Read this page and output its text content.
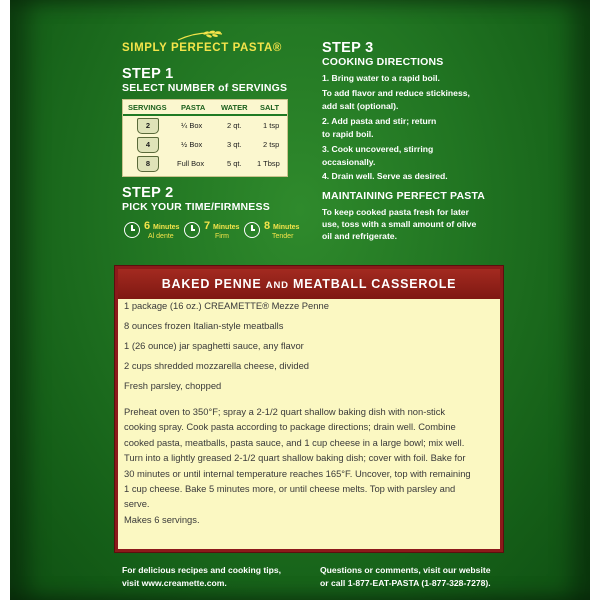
SIMPLY PERFECT PASTA®
STEP 1
SELECT NUMBER of SERVINGS
SERVINGS PASTA WATER SALT
2	¼ Box	2 qt.	1 tsp
4	½ Box	3 qt.	2 tsp
8	Full Box	5 qt. 1 Tbsp
STEP 2
PICK YOUR TIME/FIRMNESS
6 Minutes
Al dente
7 Minutes
Firm
8 Minutes
Tender
STEP 3
COOKING DIRECTIONS
1. Bring water to a rapid boil.
To add flavor and reduce stickiness,
add salt (optional).
2. Add pasta and stir; return
to rapid boil.
3. Cook uncovered, stirring
occasionally.
4. Drain well. Serve as desired.
MAINTAINING PERFECT PASTA
To keep cooked pasta fresh for later
use, toss with a small amount of olive
oil and refrigerate.
BAKED PENNE AND MEATBALL CASSEROLE
1 package (16 oz.) CREAMETTE® Mezze Penne
8 ounces frozen Italian-style meatballs
1 (26 ounce) jar spaghetti sauce, any flavor
2 cups shredded mozzarella cheese, divided
Fresh parsley, chopped
Preheat oven to 350°F; spray a 2-1/2 quart shallow baking dish with non-stick cooking spray. Cook pasta according to package directions; drain well. Combine cooked pasta, meatballs, pasta sauce, and 1 cup cheese in a large bowl; mix well. Turn into a lightly greased 2-1/2 quart shallow baking dish; cover with foil. Bake for 30 minutes or until internal temperature reaches 165°F. Uncover, top with remaining 1 cup cheese. Bake 5 minutes more, or until cheese melts. Top with parsley and serve.
Makes 6 servings.
For delicious recipes and cooking tips,
visit www.creamette.com.
Questions or comments, visit our website
or call 1-877-EAT-PASTA (1-877-328-7278).
